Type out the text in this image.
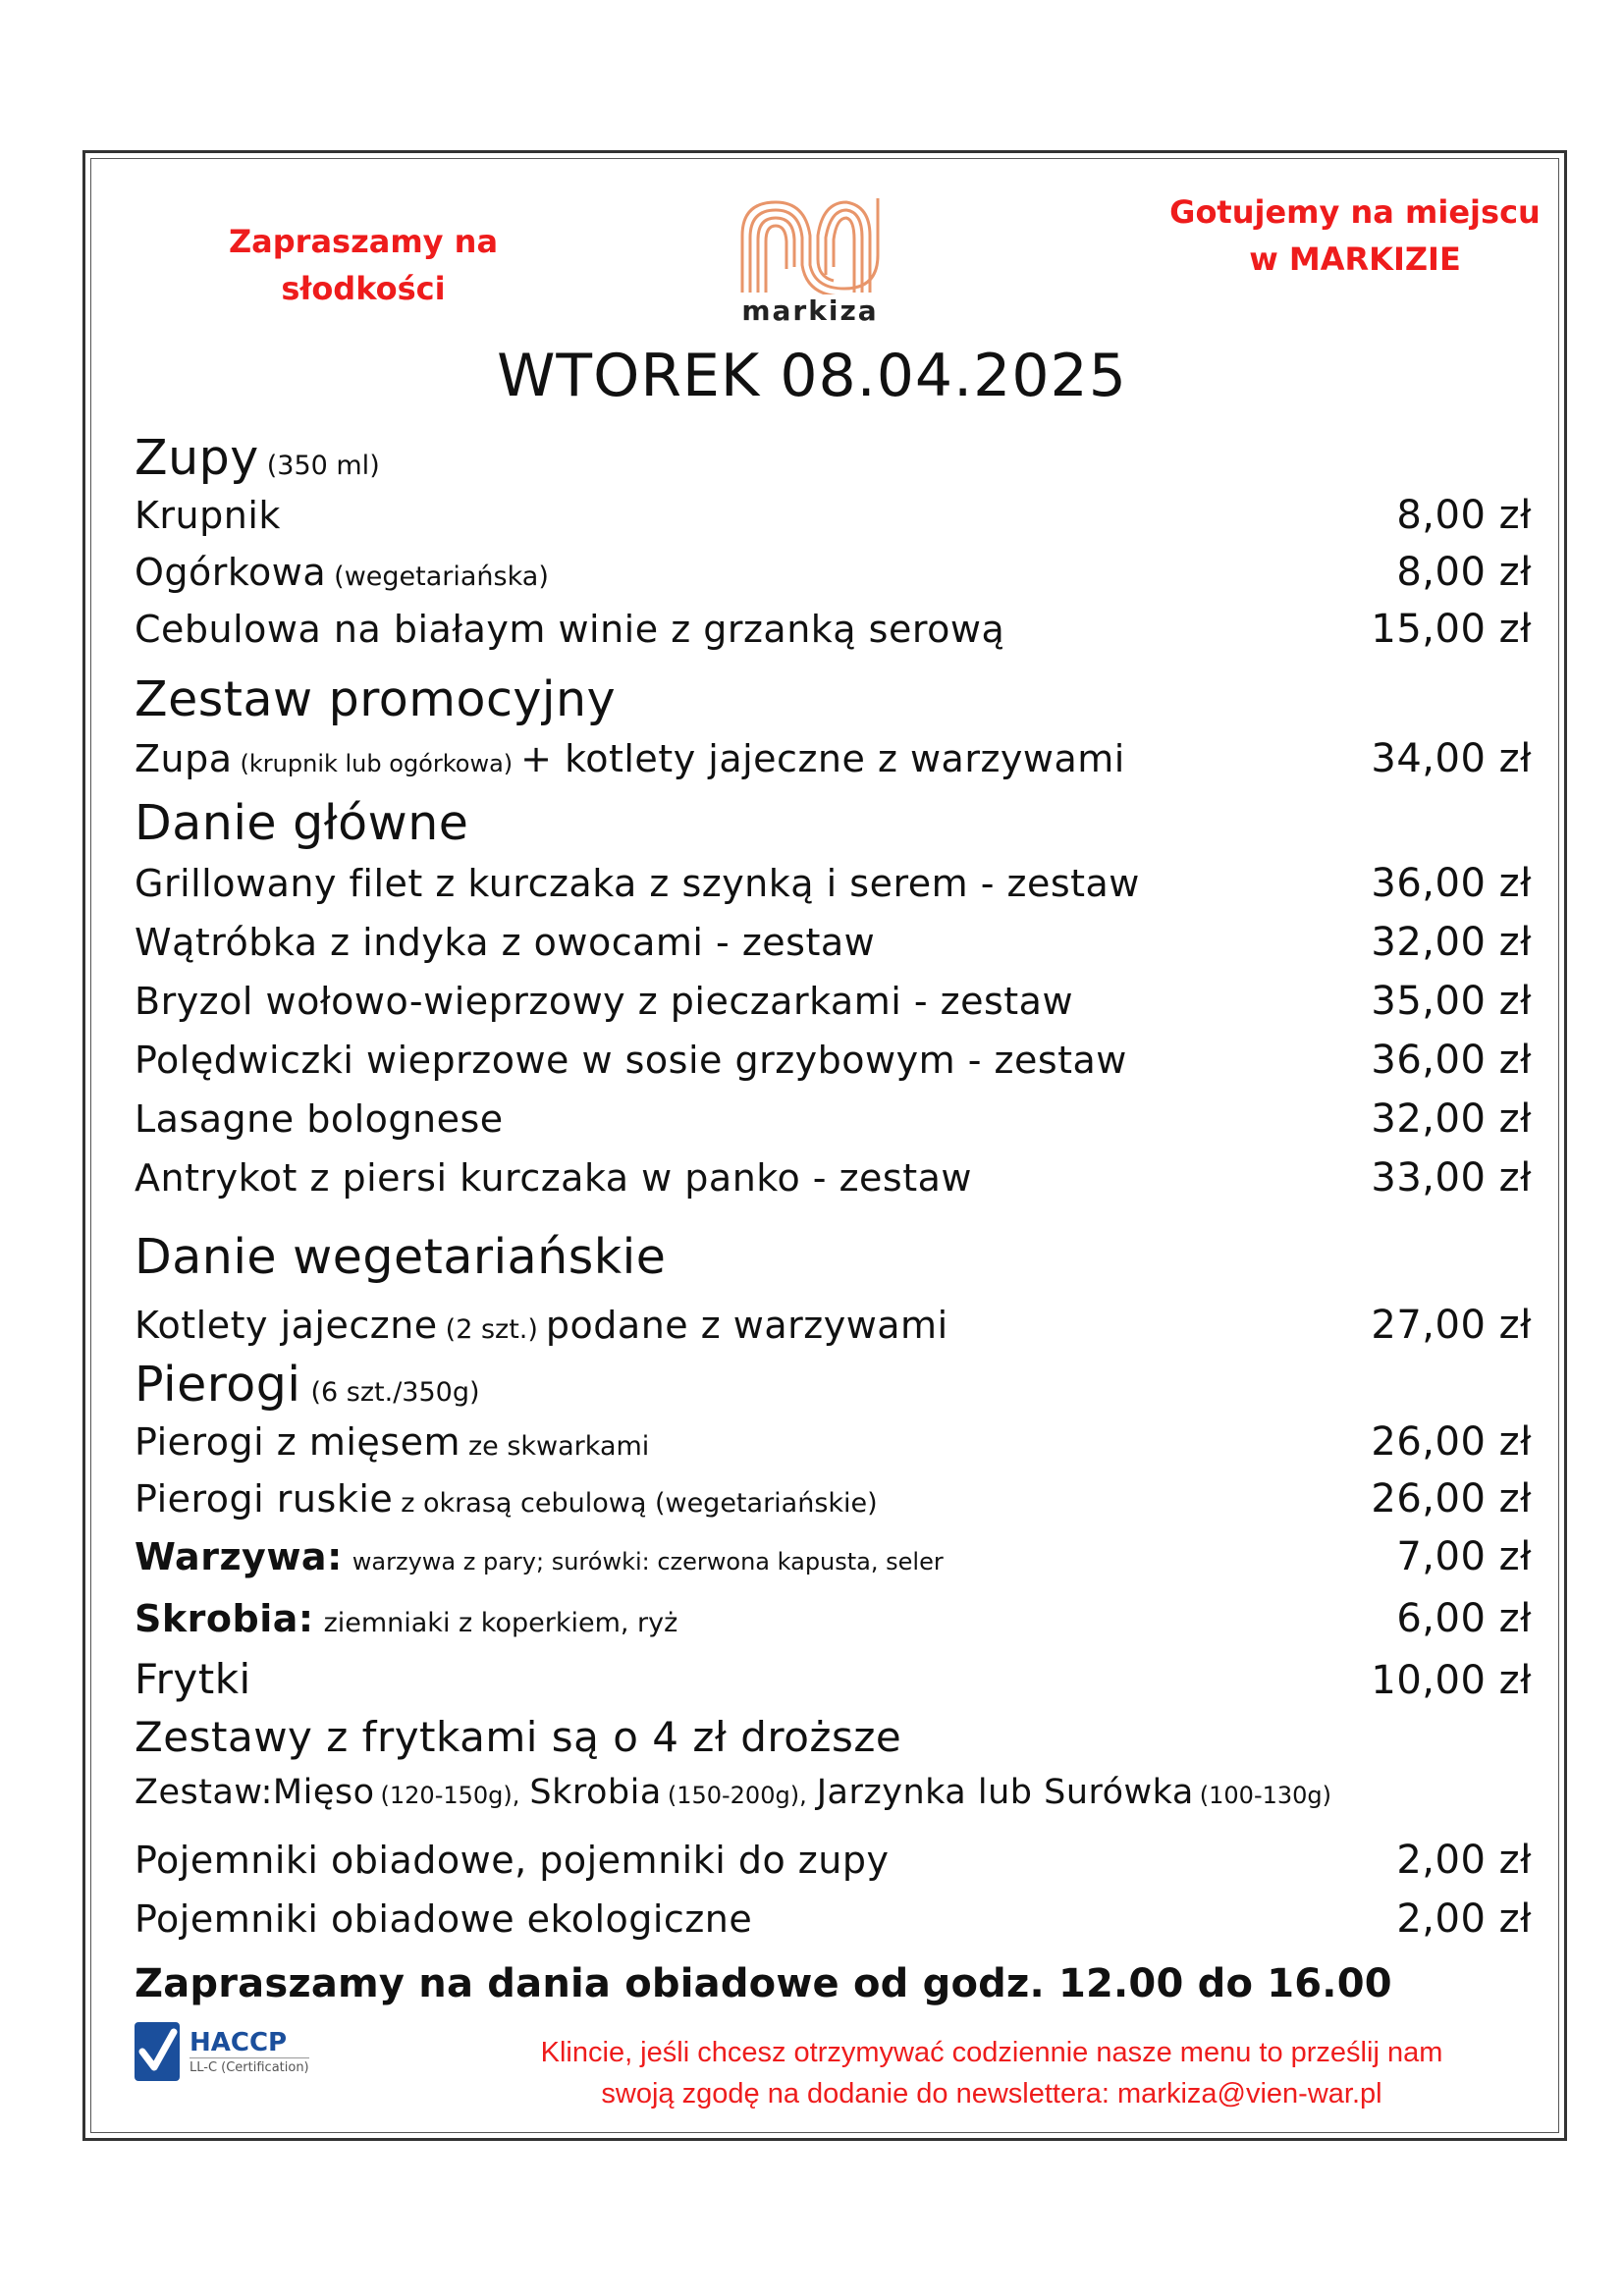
Zapraszamy na
słodkości
Gotujemy na miejscu
w MARKIZIE
markiza
WTOREK 08.04.2025
Zupy (350 ml)
Krupnik	8,00 zł
Ogórkowa (wegetariańska)	8,00 zł
Cebulowa na białaym winie z grzanką serową	15,00 zł
Zestaw promocyjny
Zupa (krupnik lub ogórkowa) + kotlety jajeczne z warzywami	34,00 zł
Danie główne
Grillowany filet z kurczaka z szynką i serem - zestaw	36,00 zł
Wątróbka z indyka z owocami - zestaw	32,00 zł
Bryzol wołowo-wieprzowy z pieczarkami - zestaw	35,00 zł
Polędwiczki wieprzowe w sosie grzybowym - zestaw	36,00 zł
Lasagne bolognese	32,00 zł
Antrykot z piersi kurczaka w panko - zestaw	33,00 zł
Danie wegetariańskie
Kotlety jajeczne (2 szt.) podane z warzywami	27,00 zł
Pierogi (6 szt./350g)
Pierogi z mięsem ze skwarkami	26,00 zł
Pierogi ruskie z okrasą cebulową (wegetariańskie)	26,00 zł
Warzywa: warzywa z pary; surówki: czerwona kapusta, seler	7,00 zł
Skrobia: ziemniaki z koperkiem, ryż	6,00 zł
Frytki	10,00 zł
Zestawy z frytkami są o 4 zł droższe
Zestaw:Mięso (120-150g), Skrobia (150-200g), Jarzynka lub Surówka (100-130g)
Pojemniki obiadowe, pojemniki do zupy	2,00 zł
Pojemniki obiadowe ekologiczne	2,00 zł
Zapraszamy na dania obiadowe od godz. 12.00 do 16.00
HACCP
LL-C (Certification)	Klincie, jeśli chcesz otrzymywać codziennie nasze menu to prześlij nam
swoją zgodę na dodanie do newslettera: markiza@vien-war.pl
